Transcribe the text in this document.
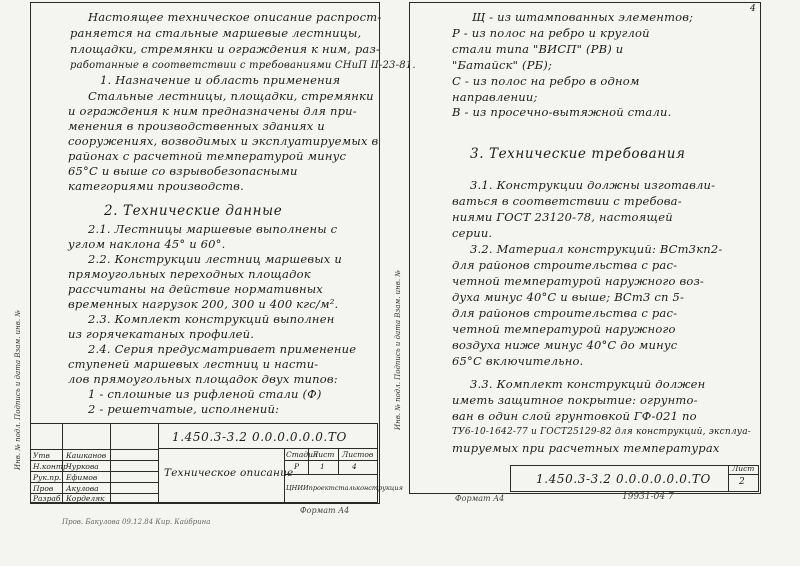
Инв. № подл. Подпись и дата Взам. инв. №
Настоящее техническое описание распрост-
раняется на стальные маршевые лестницы,
площадки, стремянки и ограждения к ним, раз-
работанные в соответствии с требованиями СНиП II-23-81.
1. Назначение и область применения
Стальные лестницы, площадки, стремянки
и ограждения к ним предназначены для при-
менения в производственных зданиях и
сооружениях, возводимых и эксплуатируемых в
районах с расчетной температурой минус
65°С и выше со взрывобезопасными
категориями производств.
2. Технические данные
2.1. Лестницы маршевые выполнены с
углом наклона 45° и 60°.
2.2. Конструкции лестниц маршевых и
прямоугольных переходных площадок
рассчитаны на действие нормативных
временных нагрузок 200, 300 и 400 кгс/м².
2.3. Комплект конструкций выполнен
из горячекатаных профилей.
2.4. Серия предусматривает применение
ступеней маршевых лестниц и насти-
лов прямоугольных площадок двух типов:
1 - сплошные из рифленой стали (Ф)
2 - решетчатые, исполнений:
1.450.3-3.2 0.0.0.0.0.0.ТО
Техническое описание
Стадия
Лист Листов
Р	1	4
ЦНИИпроектстальконструкция
Утв Кашканов
Н.контр
Чуркова
Рук.пр. Ефимов
Пров Акулова
Разраб Корделяк
Формат А4
Инв. № подл. Подпись и дата Взам. инв. №
4
Щ - из штампованных элементов;
Р - из полос на ребро и круглой
стали типа "ВИСП" (РВ) и
"Батайск" (РБ);
С - из полос на ребро в одном
направлении;
В - из просечно-вытяжной стали.
3. Технические требования
3.1. Конструкции должны изготавли-
ваться в соответствии с требова-
ниями ГОСТ 23120-78, настоящей
серии.
3.2. Материал конструкций: ВСт3кп2-
для районов строительства с рас-
четной температурой наружного воз-
духа минус 40°С и выше; ВСт3 сп 5-
для районов строительства с рас-
четной температурой наружного
воздуха ниже минус 40°С до минус
65°С включительно.
3.3. Комплект конструкций должен
иметь защитное покрытие: огрунто-
ван в один слой грунтовкой ГФ-021 по
ТУ6-10-1642-77 и ГОСТ25129-82 для конструкций, эксплуа-
тируемых при расчетных температурах
1.450.3-3.2 0.0.0.0.0.0.ТО
Лист
2
Формат А4	19931-04 7
Пров. Бакулова 09.12.84 Кир. Кайбрина
